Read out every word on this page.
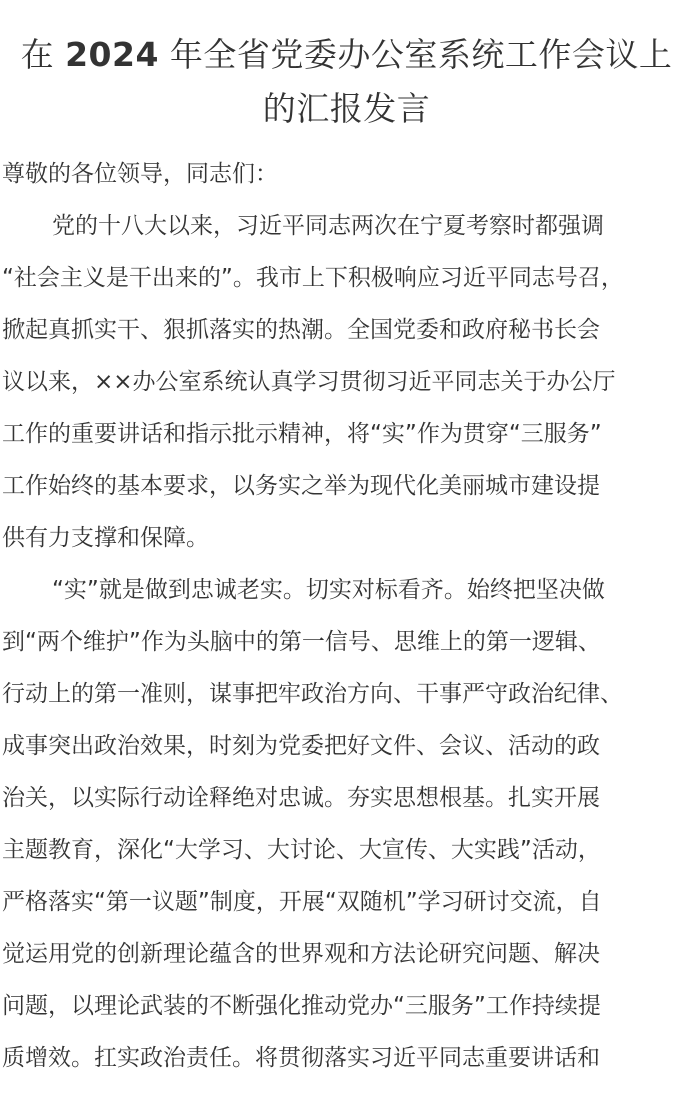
在 2024 年全省党委办公室系统工作会议上
的汇报发言
尊敬的各位领导，同志们：
党的十八大以来，习近平同志两次在宁夏考察时都强调
“社会主义是干出来的”。我市上下积极响应习近平同志号召，
掀起真抓实干、狠抓落实的热潮。全国党委和政府秘书长会
议以来，××办公室系统认真学习贯彻习近平同志关于办公厅
工作的重要讲话和指示批示精神，将“实”作为贯穿“三服务”
工作始终的基本要求，以务实之举为现代化美丽城市建设提
供有力支撑和保障。
“实”就是做到忠诚老实。切实对标看齐。始终把坚决做
到“两个维护”作为头脑中的第一信号、思维上的第一逻辑、
行动上的第一准则，谋事把牢政治方向、干事严守政治纪律、
成事突出政治效果，时刻为党委把好文件、会议、活动的政
治关，以实际行动诠释绝对忠诚。夯实思想根基。扎实开展
主题教育，深化“大学习、大讨论、大宣传、大实践”活动，
严格落实“第一议题”制度，开展“双随机”学习研讨交流，自
觉运用党的创新理论蕴含的世界观和方法论研究问题、解决
问题，以理论武装的不断强化推动党办“三服务”工作持续提
质增效。扛实政治责任。将贯彻落实习近平同志重要讲话和
